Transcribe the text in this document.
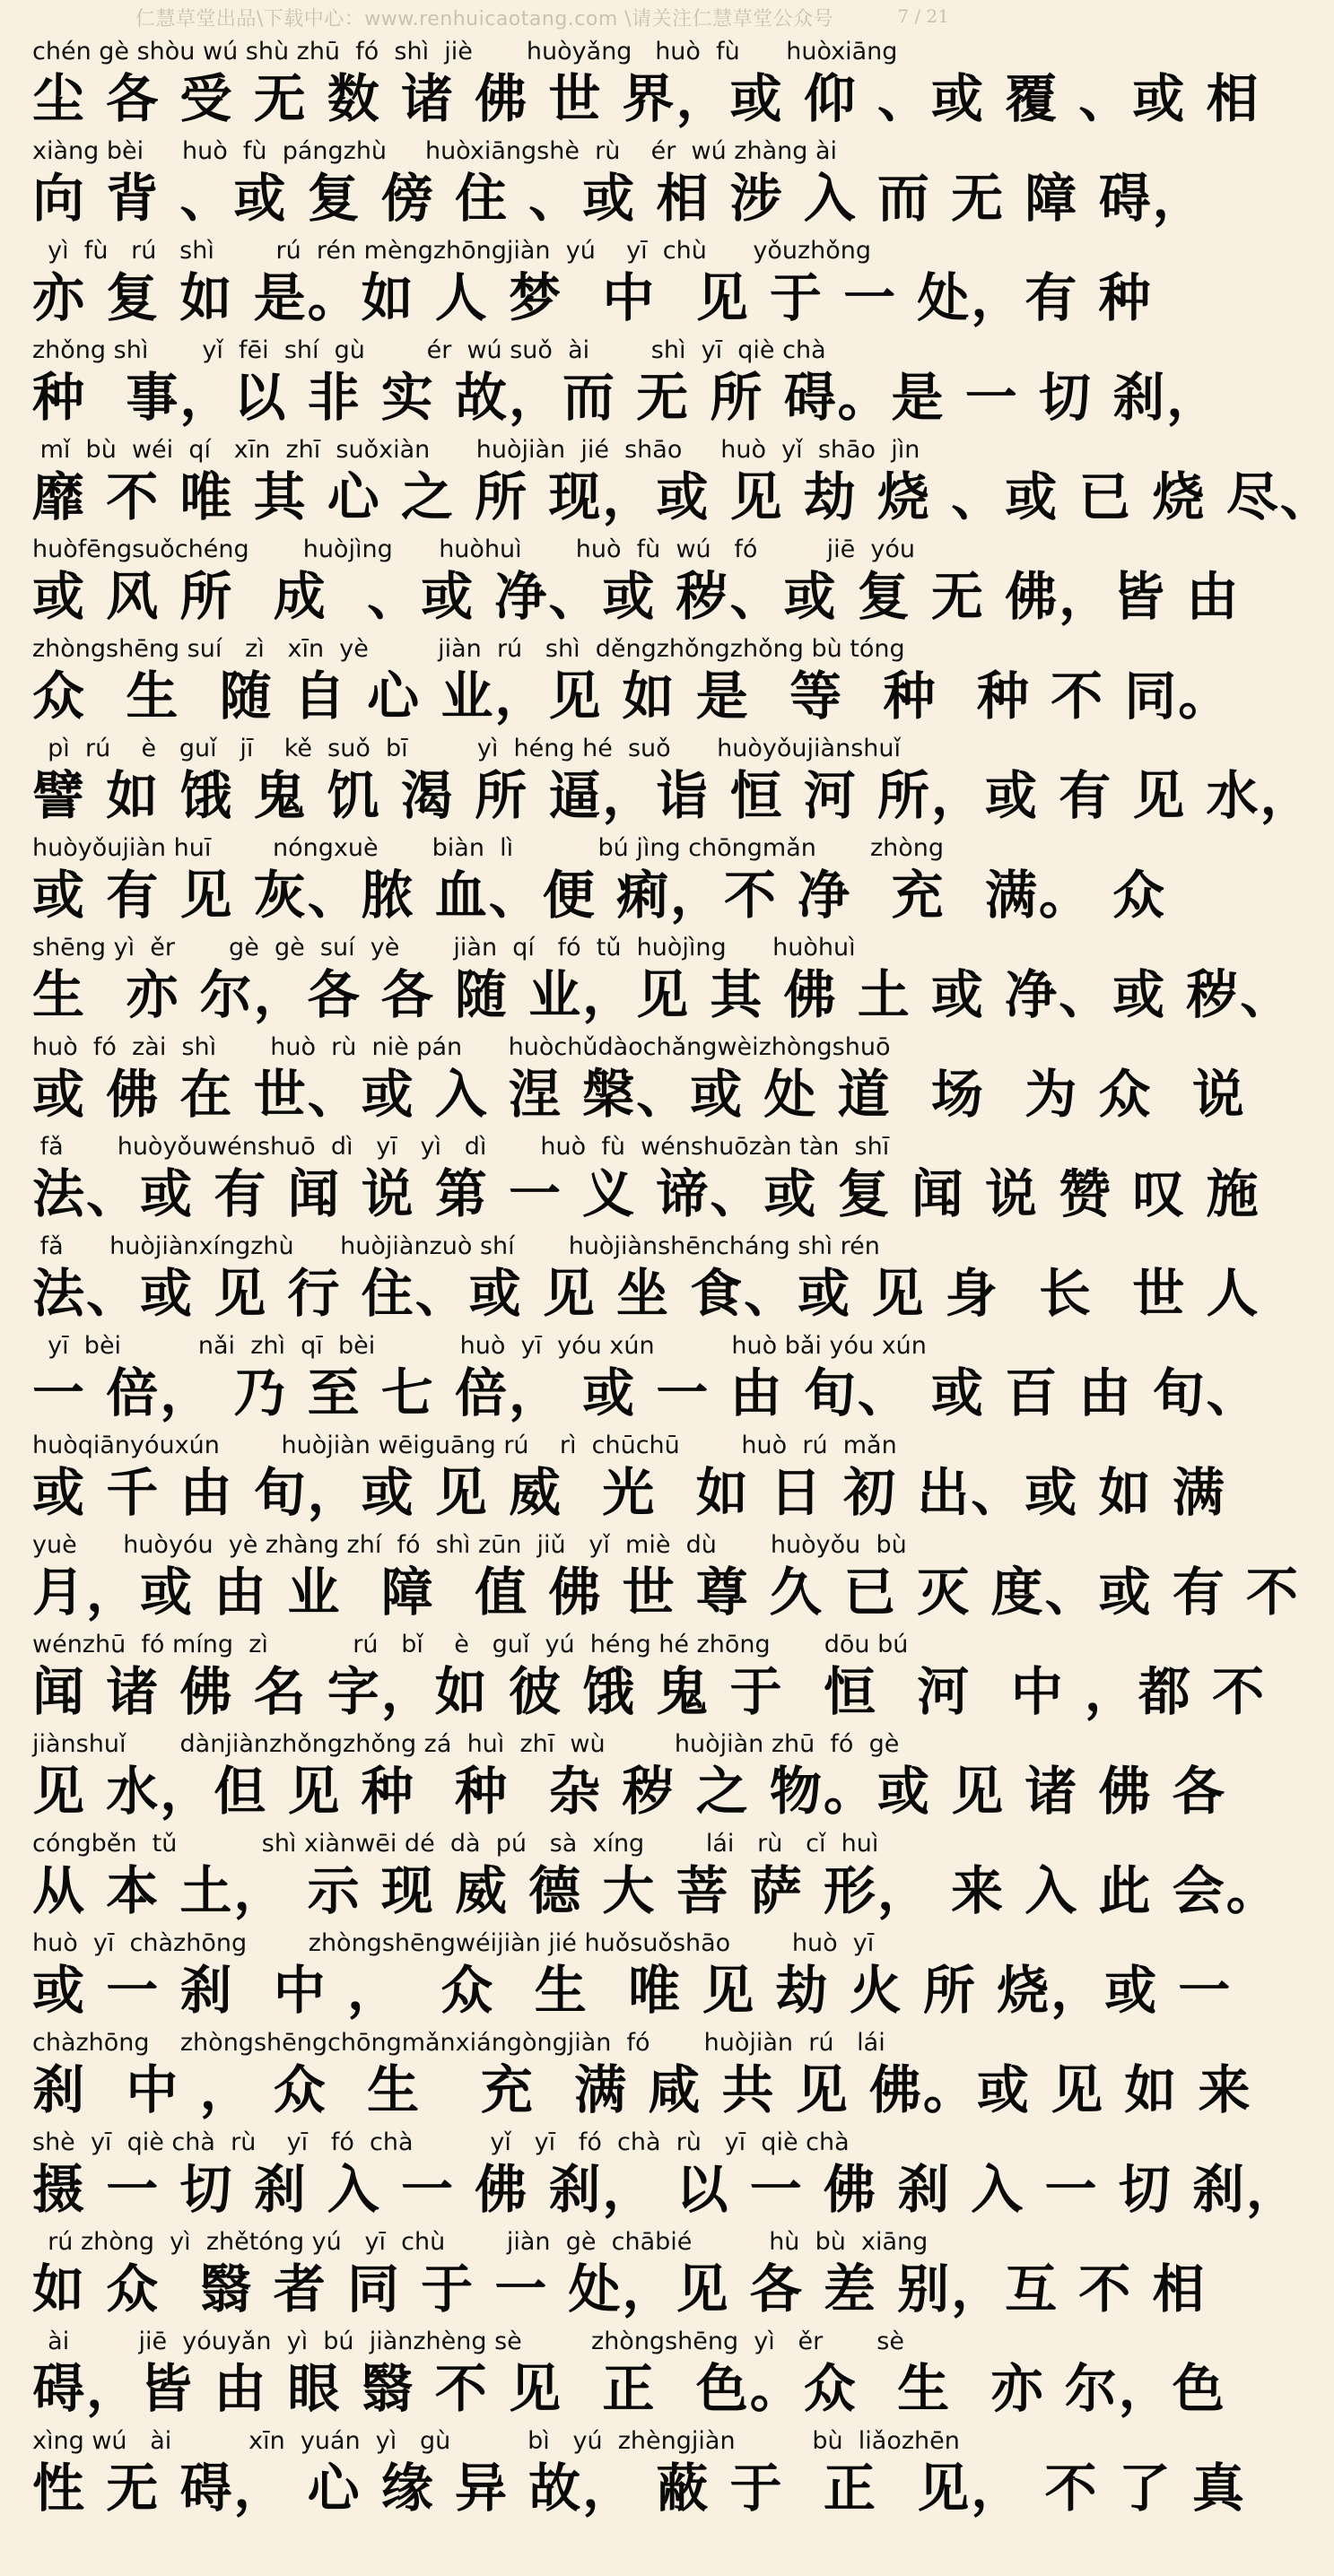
仁慧草堂出品\下载中心：www.renhuicaotang.com \请关注仁慧草堂公众号	7 / 21
chén gè shòu wú shù zhū  fó  shì  jiè       huòyǎng   huò  fù      huòxiāng
尘 各 受 无 数 诸 佛 世 界，或 仰 、或 覆 、或 相
xiàng bèi     huò  fù  pángzhù     huòxiāngshè  rù    ér  wú zhàng ài
向 背 、或 复 傍 住 、或 相 涉 入 而 无 障 碍，
yì  fù   rú   shì        rú  rén mèngzhōngjiàn  yú    yī  chù      yǒuzhǒng
亦 复 如 是。如 人 梦  中  见 于 一 处，有 种
zhǒng shì       yǐ  fēi  shí  gù        ér  wú suǒ  ài        shì  yī  qiè chà
种  事，以 非 实 故，而 无 所 碍。是 一 切 刹，
mǐ  bù  wéi  qí   xīn  zhī  suǒxiàn      huòjiàn  jié  shāo     huò  yǐ  shāo  jìn
靡 不 唯 其 心 之 所 现，或 见 劫 烧 、或 已 烧 尽、
huòfēngsuǒchéng       huòjìng      huòhuì       huò  fù  wú   fó         jiē  yóu
或 风 所  成  、或 净、或 秽、或 复 无 佛，皆 由
zhòngshēng suí   zì   xīn  yè         jiàn  rú   shì  děngzhǒngzhǒng bù tóng
众  生  随 自 心 业，见 如 是  等  种  种 不 同。
pì  rú    è   guǐ   jī    kě  suǒ  bī         yì  héng hé  suǒ      huòyǒujiànshuǐ
譬 如 饿 鬼 饥 渴 所 逼，诣 恒 河 所，或 有 见 水，
huòyǒujiàn huī        nóngxuè       biàn  lì           bú jìng chōngmǎn       zhòng
或 有 见 灰、脓 血、便 痢，不 净  充  满。 众
shēng yì  ěr       gè  gè  suí  yè       jiàn  qí   fó  tǔ  huòjìng      huòhuì
生  亦 尔，各 各 随 业，见 其 佛 土 或 净、或 秽、
huò  fó  zài  shì       huò  rù  niè pán      huòchǔdàochǎngwèizhòngshuō
或 佛 在 世、或 入 涅 槃、或 处 道  场  为 众  说
fǎ       huòyǒuwénshuō  dì   yī   yì   dì       huò  fù  wénshuōzàn tàn  shī
法、或 有 闻 说 第 一 义 谛、或 复 闻 说 赞 叹 施
fǎ      huòjiànxíngzhù      huòjiànzuò shí       huòjiànshēncháng shì rén
法、或 见 行 住、或 见 坐 食、或 见 身  长  世 人
yī  bèi          nǎi  zhì  qī  bèi           huò  yī  yóu xún          huò bǎi yóu xún
一 倍， 乃 至 七 倍， 或 一 由 旬、 或 百 由 旬、
huòqiānyóuxún        huòjiàn wēiguāng rú    rì  chūchū        huò  rú  mǎn
或 千 由 旬，或 见 威  光  如 日 初 出、或 如 满
yuè      huòyóu  yè zhàng zhí  fó  shì zūn  jiǔ   yǐ  miè  dù       huòyǒu  bù
月，或 由 业  障  值 佛 世 尊 久 已 灭 度、或 有 不
wénzhū  fó míng  zì           rú   bǐ    è   guǐ  yú  héng hé zhōng       dōu bú
闻 诸 佛 名 字，如 彼 饿 鬼 于  恒  河  中 ，都 不
jiànshuǐ       dànjiànzhǒngzhǒng zá  huì  zhī  wù         huòjiàn zhū  fó  gè
见 水，但 见 种  种  杂 秽 之 物。或 见 诸 佛 各
cóngběn  tǔ           shì xiànwēi dé  dà  pú   sà  xíng        lái   rù   cǐ  huì
从 本 土， 示 现 威 德 大 菩 萨 形， 来 入 此 会。
huò  yī  chàzhōng        zhòngshēngwéijiàn jié huǒsuǒshāo        huò  yī
或 一 刹  中 ，  众  生  唯 见 劫 火 所 烧，或 一
chàzhōng    zhòngshēngchōngmǎnxiángòngjiàn  fó       huòjiàn  rú   lái
刹  中 ， 众  生   充  满 咸 共 见 佛。或 见 如 来
shè  yī  qiè chà  rù    yī   fó  chà          yǐ   yī   fó  chà  rù   yī  qiè chà
摄 一 切 刹 入 一 佛 刹， 以 一 佛 刹 入 一 切 刹，
rú zhòng  yì  zhětóng yú   yī  chù        jiàn  gè  chābié          hù  bù  xiāng
如 众  翳 者 同 于 一 处，见 各 差 别，互 不 相
ài         jiē  yóuyǎn  yì  bú  jiànzhèng sè         zhòngshēng  yì   ěr       sè
碍，皆 由 眼 翳 不 见  正  色。众  生  亦 尔，色
xìng wú   ài          xīn  yuán  yì   gù          bì   yú  zhèngjiàn          bù  liǎozhēn
性 无 碍， 心 缘 异 故， 蔽 于  正  见， 不 了 真
